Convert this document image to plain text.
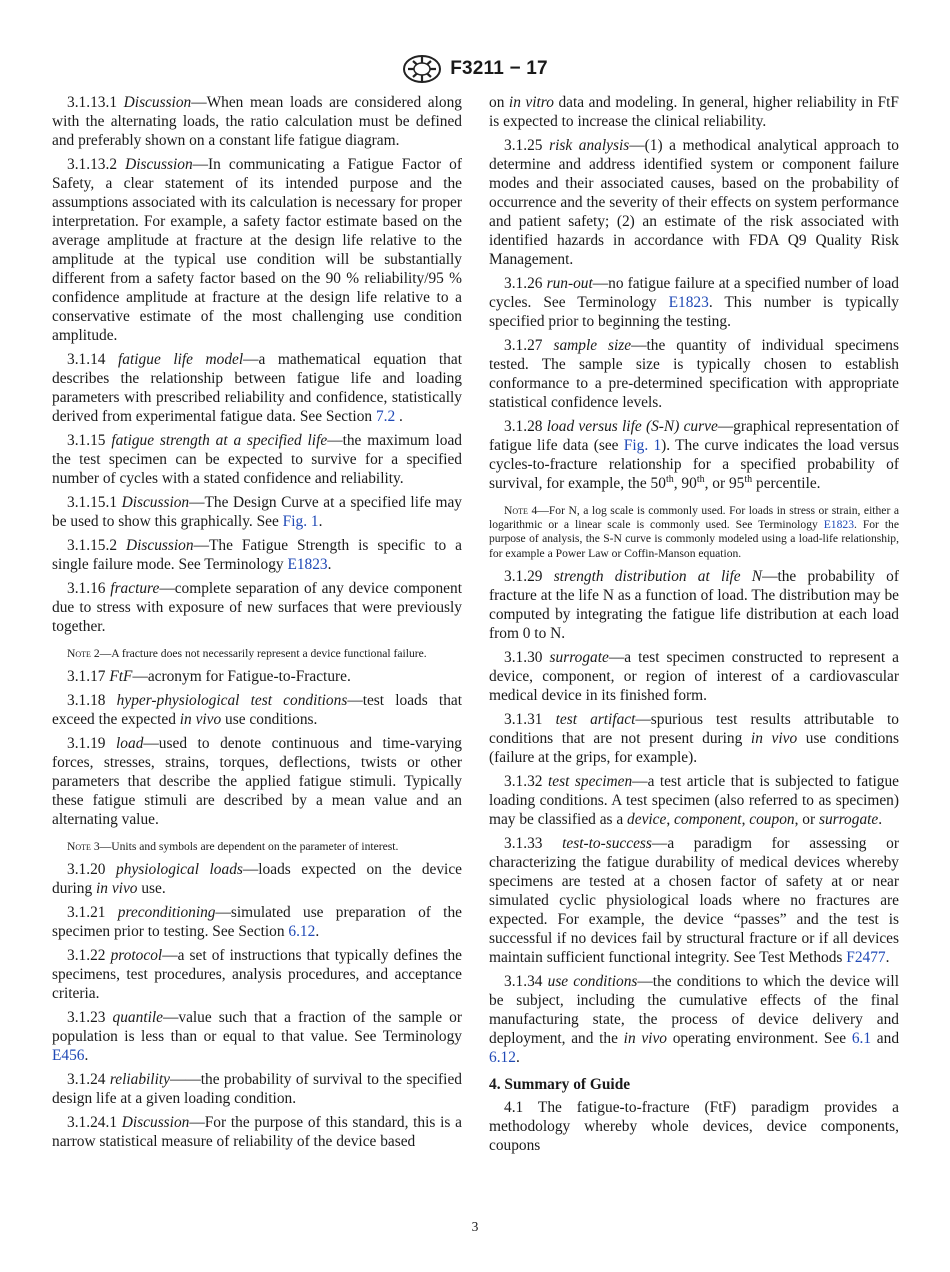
F3211 − 17

3.1.13.1 Discussion—When mean loads are considered along with the alternating loads, the ratio calculation must be defined and preferably shown on a constant life fatigue diagram.

3.1.13.2 Discussion—In communicating a Fatigue Factor of Safety, a clear statement of its intended purpose and the assumptions associated with its calculation is necessary for proper interpretation. For example, a safety factor estimate based on the average amplitude at fracture at the design life relative to the amplitude at the typical use condition will be substantially different from a safety factor based on the 90 % reliability/95 % confidence amplitude at fracture at the design life relative to a conservative estimate of the most challenging use condition amplitude.

3.1.14 fatigue life model—a mathematical equation that describes the relationship between fatigue life and loading parameters with prescribed reliability and confidence, statistically derived from experimental fatigue data. See Section 7.2 .

3.1.15 fatigue strength at a specified life—the maximum load the test specimen can be expected to survive for a specified number of cycles with a stated confidence and reliability.

3.1.15.1 Discussion—The Design Curve at a specified life may be used to show this graphically. See Fig. 1.

3.1.15.2 Discussion—The Fatigue Strength is specific to a single failure mode. See Terminology E1823.

3.1.16 fracture—complete separation of any device component due to stress with exposure of new surfaces that were previously together.

Note 2—A fracture does not necessarily represent a device functional failure.

3.1.17 FtF—acronym for Fatigue-to-Fracture.

3.1.18 hyper-physiological test conditions—test loads that exceed the expected in vivo use conditions.

3.1.19 load—used to denote continuous and time-varying forces, stresses, strains, torques, deflections, twists or other parameters that describe the applied fatigue stimuli. Typically these fatigue stimuli are described by a mean value and an alternating value.

Note 3—Units and symbols are dependent on the parameter of interest.

3.1.20 physiological loads—loads expected on the device during in vivo use.

3.1.21 preconditioning—simulated use preparation of the specimen prior to testing. See Section 6.12.

3.1.22 protocol—a set of instructions that typically defines the specimens, test procedures, analysis procedures, and acceptance criteria.

3.1.23 quantile—value such that a fraction of the sample or population is less than or equal to that value. See Terminology E456.

3.1.24 reliability——the probability of survival to the specified design life at a given loading condition.

3.1.24.1 Discussion—For the purpose of this standard, this is a narrow statistical measure of reliability of the device based

on in vitro data and modeling. In general, higher reliability in FtF is expected to increase the clinical reliability.

3.1.25 risk analysis—(1) a methodical analytical approach to determine and address identified system or component failure modes and their associated causes, based on the probability of occurrence and the severity of their effects on system performance and patient safety; (2) an estimate of the risk associated with identified hazards in accordance with FDA Q9 Quality Risk Management.

3.1.26 run-out—no fatigue failure at a specified number of load cycles. See Terminology E1823. This number is typically specified prior to beginning the testing.

3.1.27 sample size—the quantity of individual specimens tested. The sample size is typically chosen to establish conformance to a pre-determined specification with appropriate statistical confidence levels.

3.1.28 load versus life (S-N) curve—graphical representation of fatigue life data (see Fig. 1). The curve indicates the load versus cycles-to-fracture relationship for a specified probability of survival, for example, the 50th, 90th, or 95th percentile.

Note 4—For N, a log scale is commonly used. For loads in stress or strain, either a logarithmic or a linear scale is commonly used. See Terminology E1823. For the purpose of analysis, the S-N curve is commonly modeled using a load-life relationship, for example a Power Law or Coffin-Manson equation.

3.1.29 strength distribution at life N—the probability of fracture at the life N as a function of load. The distribution may be computed by integrating the fatigue life distribution at each load from 0 to N.

3.1.30 surrogate—a test specimen constructed to represent a device, component, or region of interest of a cardiovascular medical device in its finished form.

3.1.31 test artifact—spurious test results attributable to conditions that are not present during in vivo use conditions (failure at the grips, for example).

3.1.32 test specimen—a test article that is subjected to fatigue loading conditions. A test specimen (also referred to as specimen) may be classified as a device, component, coupon, or surrogate.

3.1.33 test-to-success—a paradigm for assessing or characterizing the fatigue durability of medical devices whereby specimens are tested at a chosen factor of safety at or near simulated cyclic physiological loads where no fractures are expected. For example, the device “passes” and the test is successful if no devices fail by structural fracture or if all devices maintain sufficient functional integrity. See Test Methods F2477.

3.1.34 use conditions—the conditions to which the device will be subject, including the cumulative effects of the final manufacturing state, the process of device delivery and deployment, and the in vivo operating environment. See 6.1 and 6.12.

4. Summary of Guide

4.1 The fatigue-to-fracture (FtF) paradigm provides a methodology whereby whole devices, device components, coupons

3
